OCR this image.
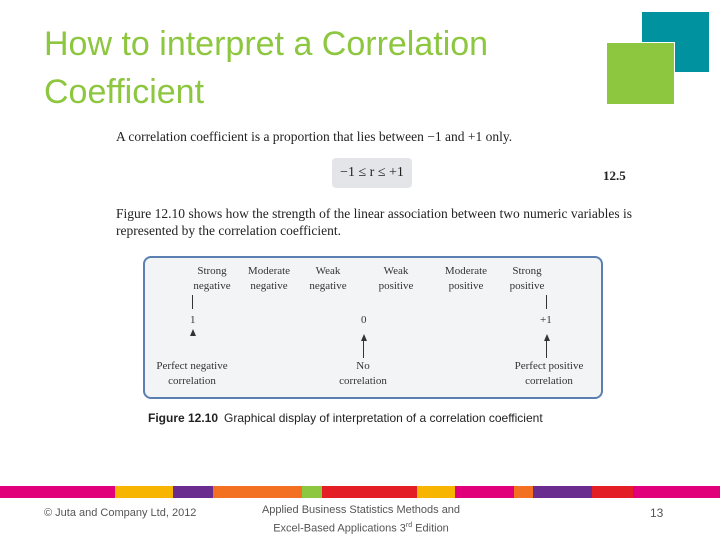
How to interpret a Correlation Coefficient
A correlation coefficient is a proportion that lies between −1 and +1 only.
−1 ≤ r ≤ +1	12.5
Figure 12.10 shows how the strength of the linear association between two numeric variables is represented by the correlation coefficient.
Strong
negative
Moderate
negative
Weak
negative
Weak
positive
Moderate
positive
Strong
positive
1	0	+1
Perfect negative
correlation
No
correlation
Perfect positive
correlation
Figure 12.10 Graphical display of interpretation of a correlation coefficient
© Juta and Company Ltd, 2012	Applied Business Statistics Methods and
Excel-Based Applications 3rd Edition
13
